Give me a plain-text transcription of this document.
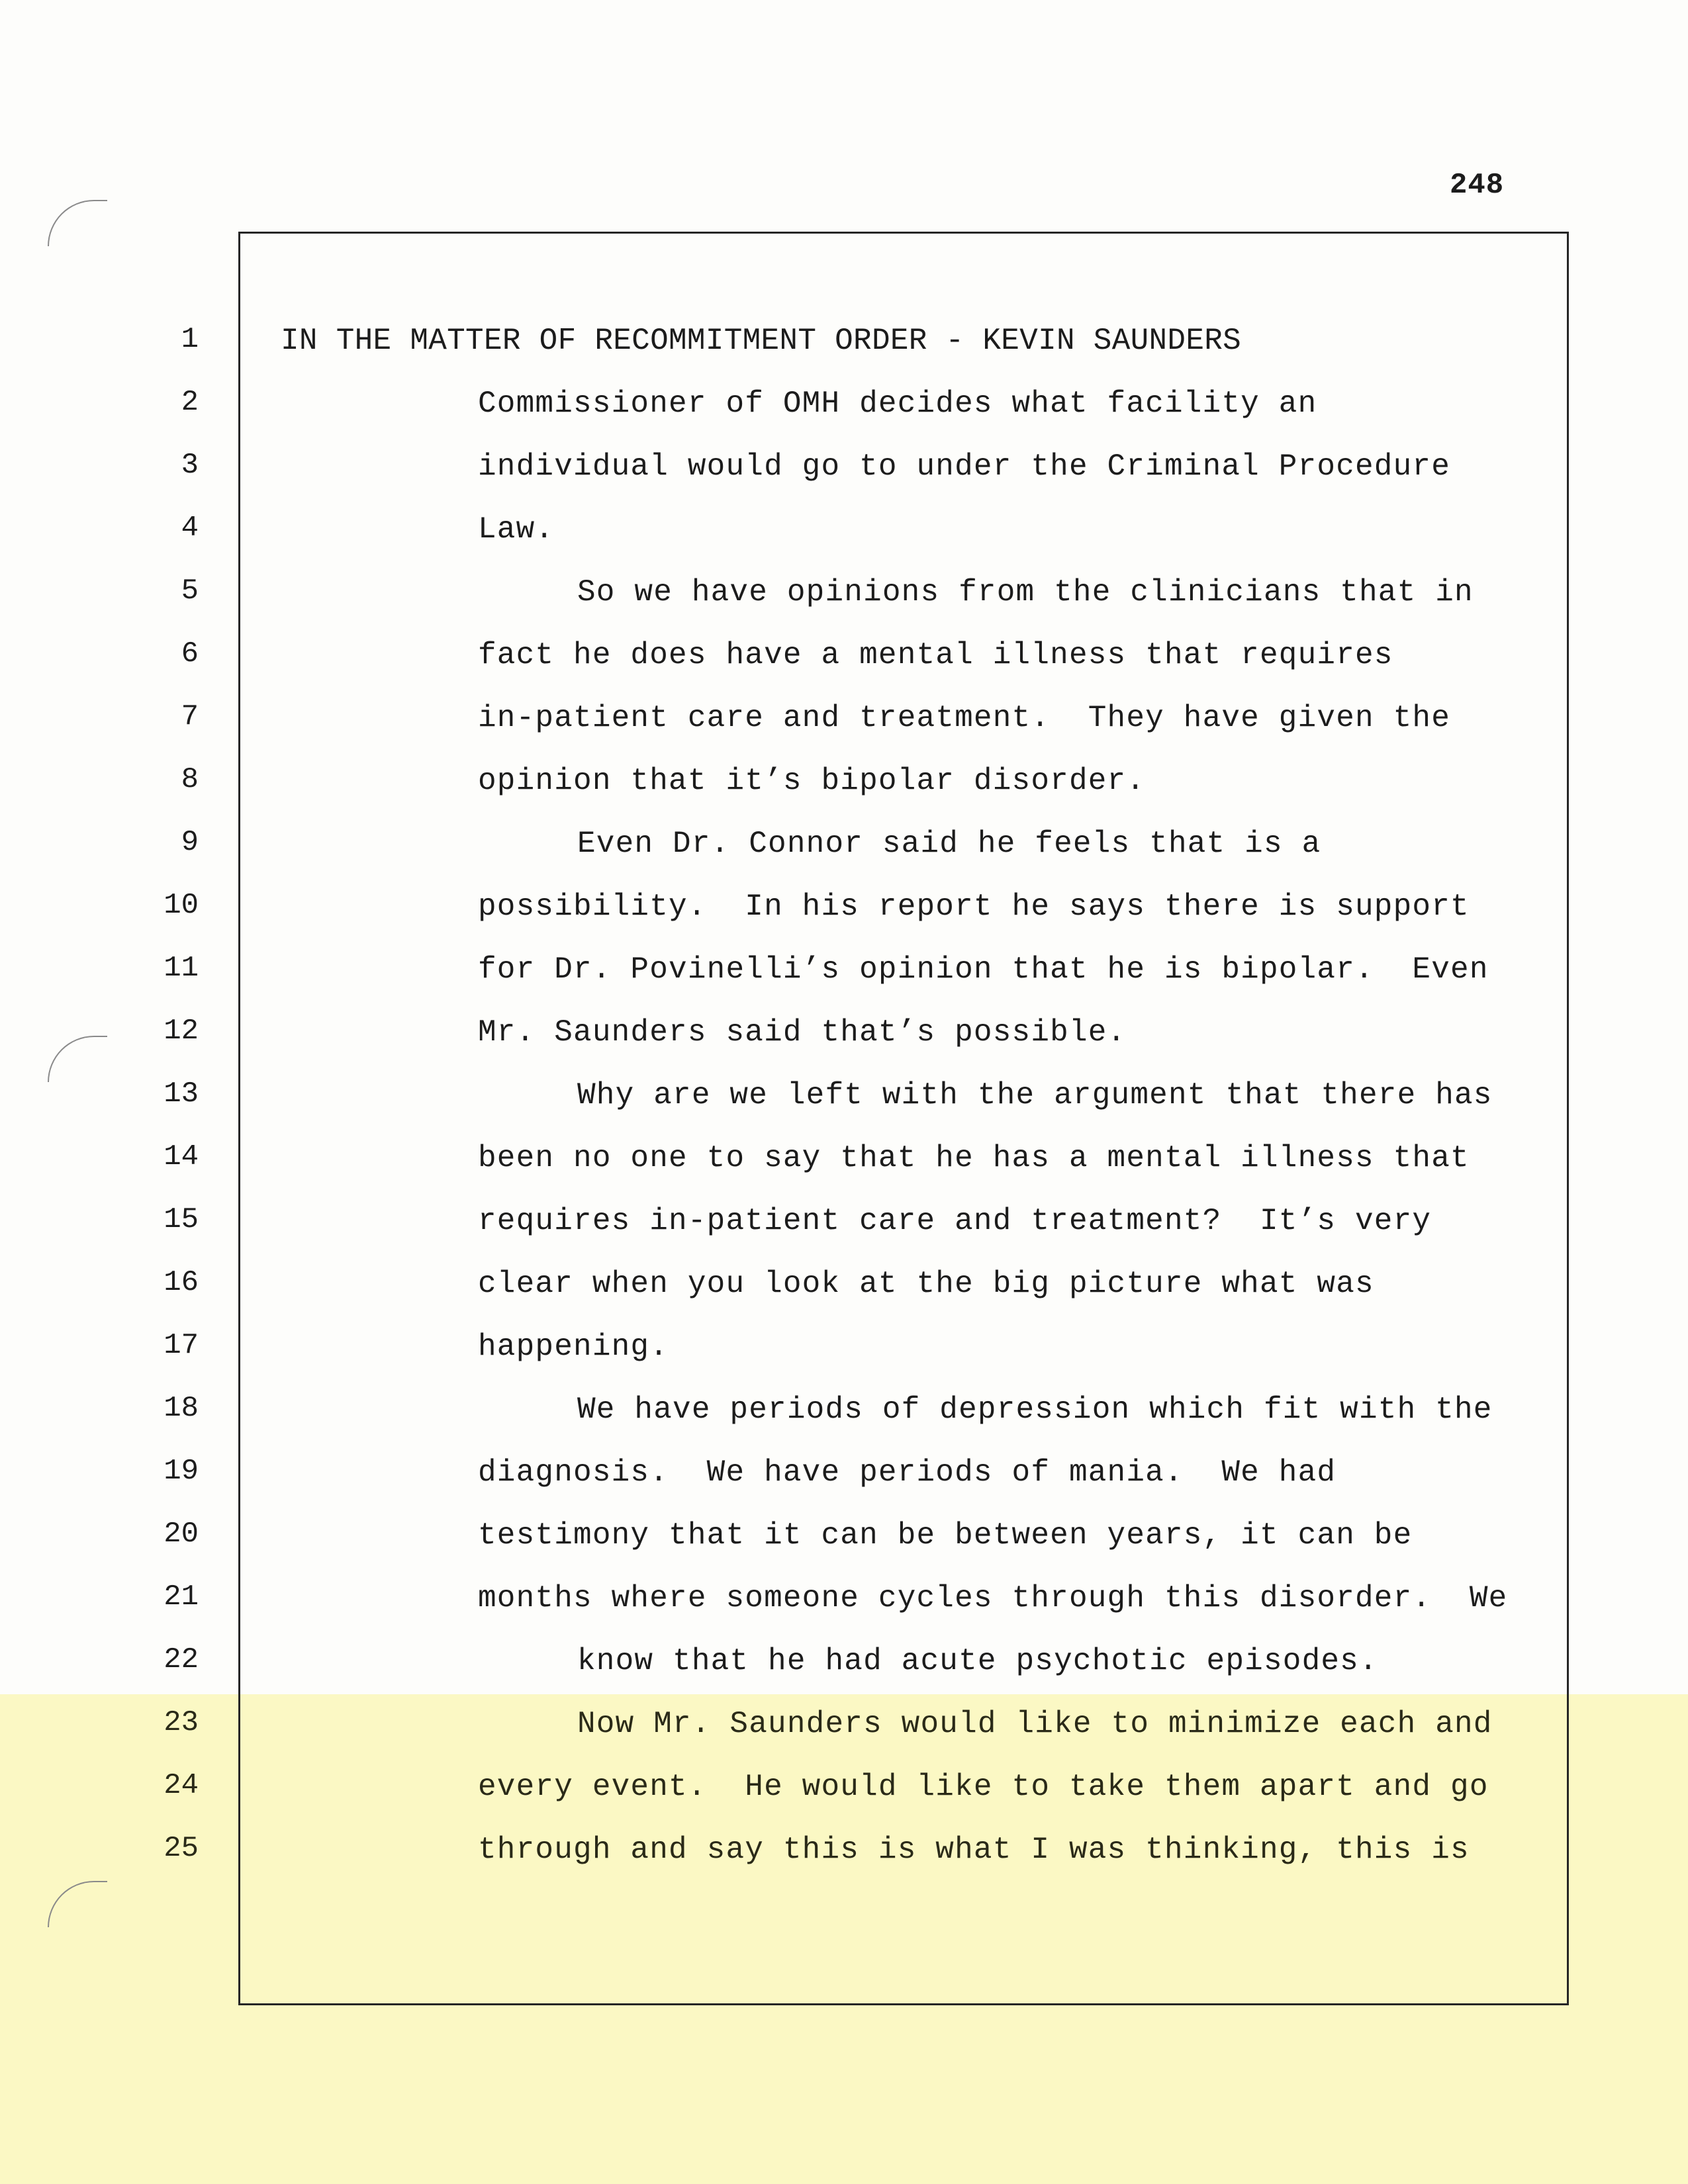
248
1	IN THE MATTER OF RECOMMITMENT ORDER - KEVIN SAUNDERS
2	Commissioner of OMH decides what facility an
3	individual would go to under the Criminal Procedure
4	Law.
5	So we have opinions from the clinicians that in
6	fact he does have a mental illness that requires
7	in-patient care and treatment.  They have given the
8	opinion that it’s bipolar disorder.
9	Even Dr. Connor said he feels that is a
10	possibility.  In his report he says there is support
11	for Dr. Povinelli’s opinion that he is bipolar.  Even
12	Mr. Saunders said that’s possible.
13	Why are we left with the argument that there has
14	been no one to say that he has a mental illness that
15	requires in-patient care and treatment?  It’s very
16	clear when you look at the big picture what was
17	happening.
18	We have periods of depression which fit with the
19	diagnosis.  We have periods of mania.  We had
20	testimony that it can be between years, it can be
21	months where someone cycles through this disorder.  We
22	know that he had acute psychotic episodes.
23	Now Mr. Saunders would like to minimize each and
24	every event.  He would like to take them apart and go
25	through and say this is what I was thinking, this is
